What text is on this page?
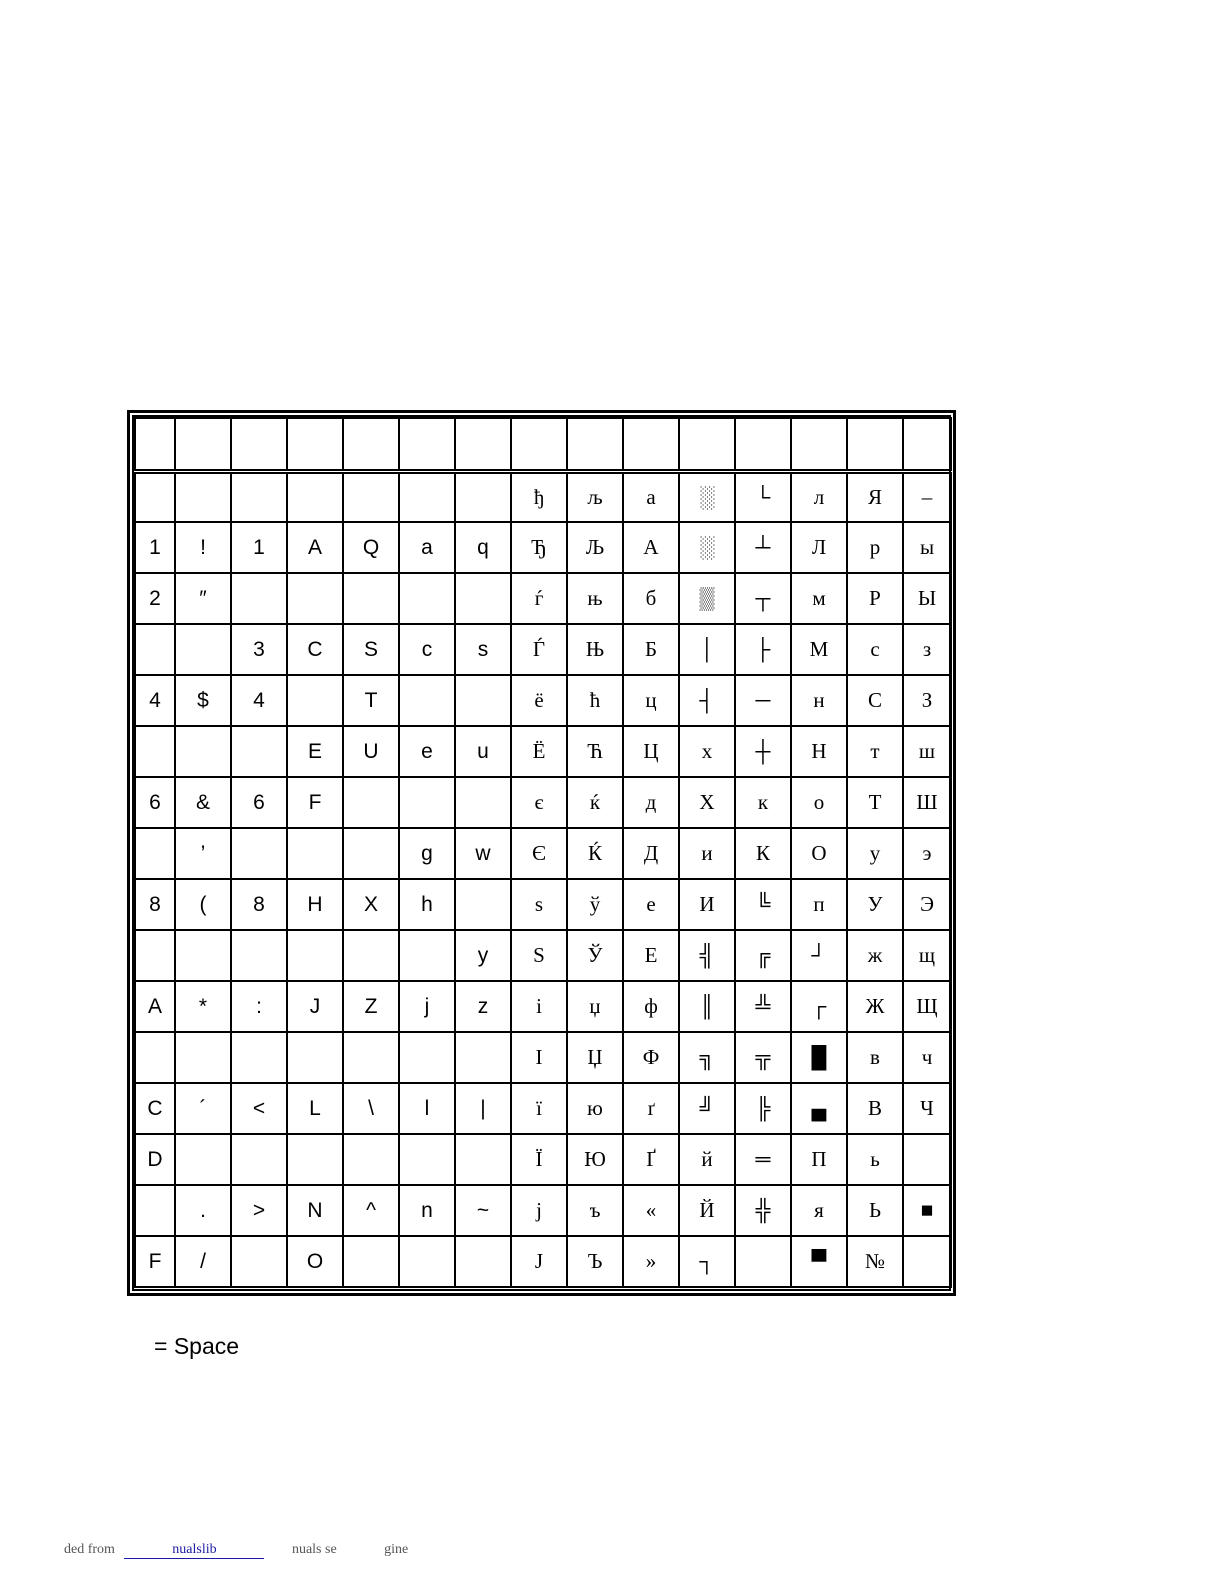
							ђ	љ	а	░	└	л	Я	–
1	!	1	A	Q	a	q	Ђ	Љ	А	░	┴	Л	р	ы
2	″						ѓ	њ	б	▒	┬	м	Р	Ы
		3	C	S	c	s	Ѓ	Њ	Б	│	├	М	с	з
4	$	4		T			ё	ћ	ц	┤	─	н	С	З
			E	U	e	u	Ё	Ћ	Ц	х	┼	Н	т	ш
6	&	6	F				є	ќ	д	Х	к	о	Т	Ш
	’				g	w	Є	Ќ	Д	и	К	О	у	э
8	(	8	H	X	h		ѕ	ў	е	И	╚	п	У	Э
						y	Ѕ	Ў	Е	╣	╔	┘	ж	щ
A	*	:	J	Z	j	z	і	џ	ф	║	╩	┌	Ж	Щ
							І	Џ	Ф	╗	╦	█	в	ч
C	´	<	L	\	l	|	ї	ю	ґ	╝	╠	▄	В	Ч
D							Ї	Ю	Ґ	й	═	П	ь	
	.	>	N	^	n	~	ј	ъ	«	Й	╬	я	Ь	■
F	/		O				Ј	Ъ	»	┐		▀	№	
= Space
ded from	nualslib	nuals se	gine
